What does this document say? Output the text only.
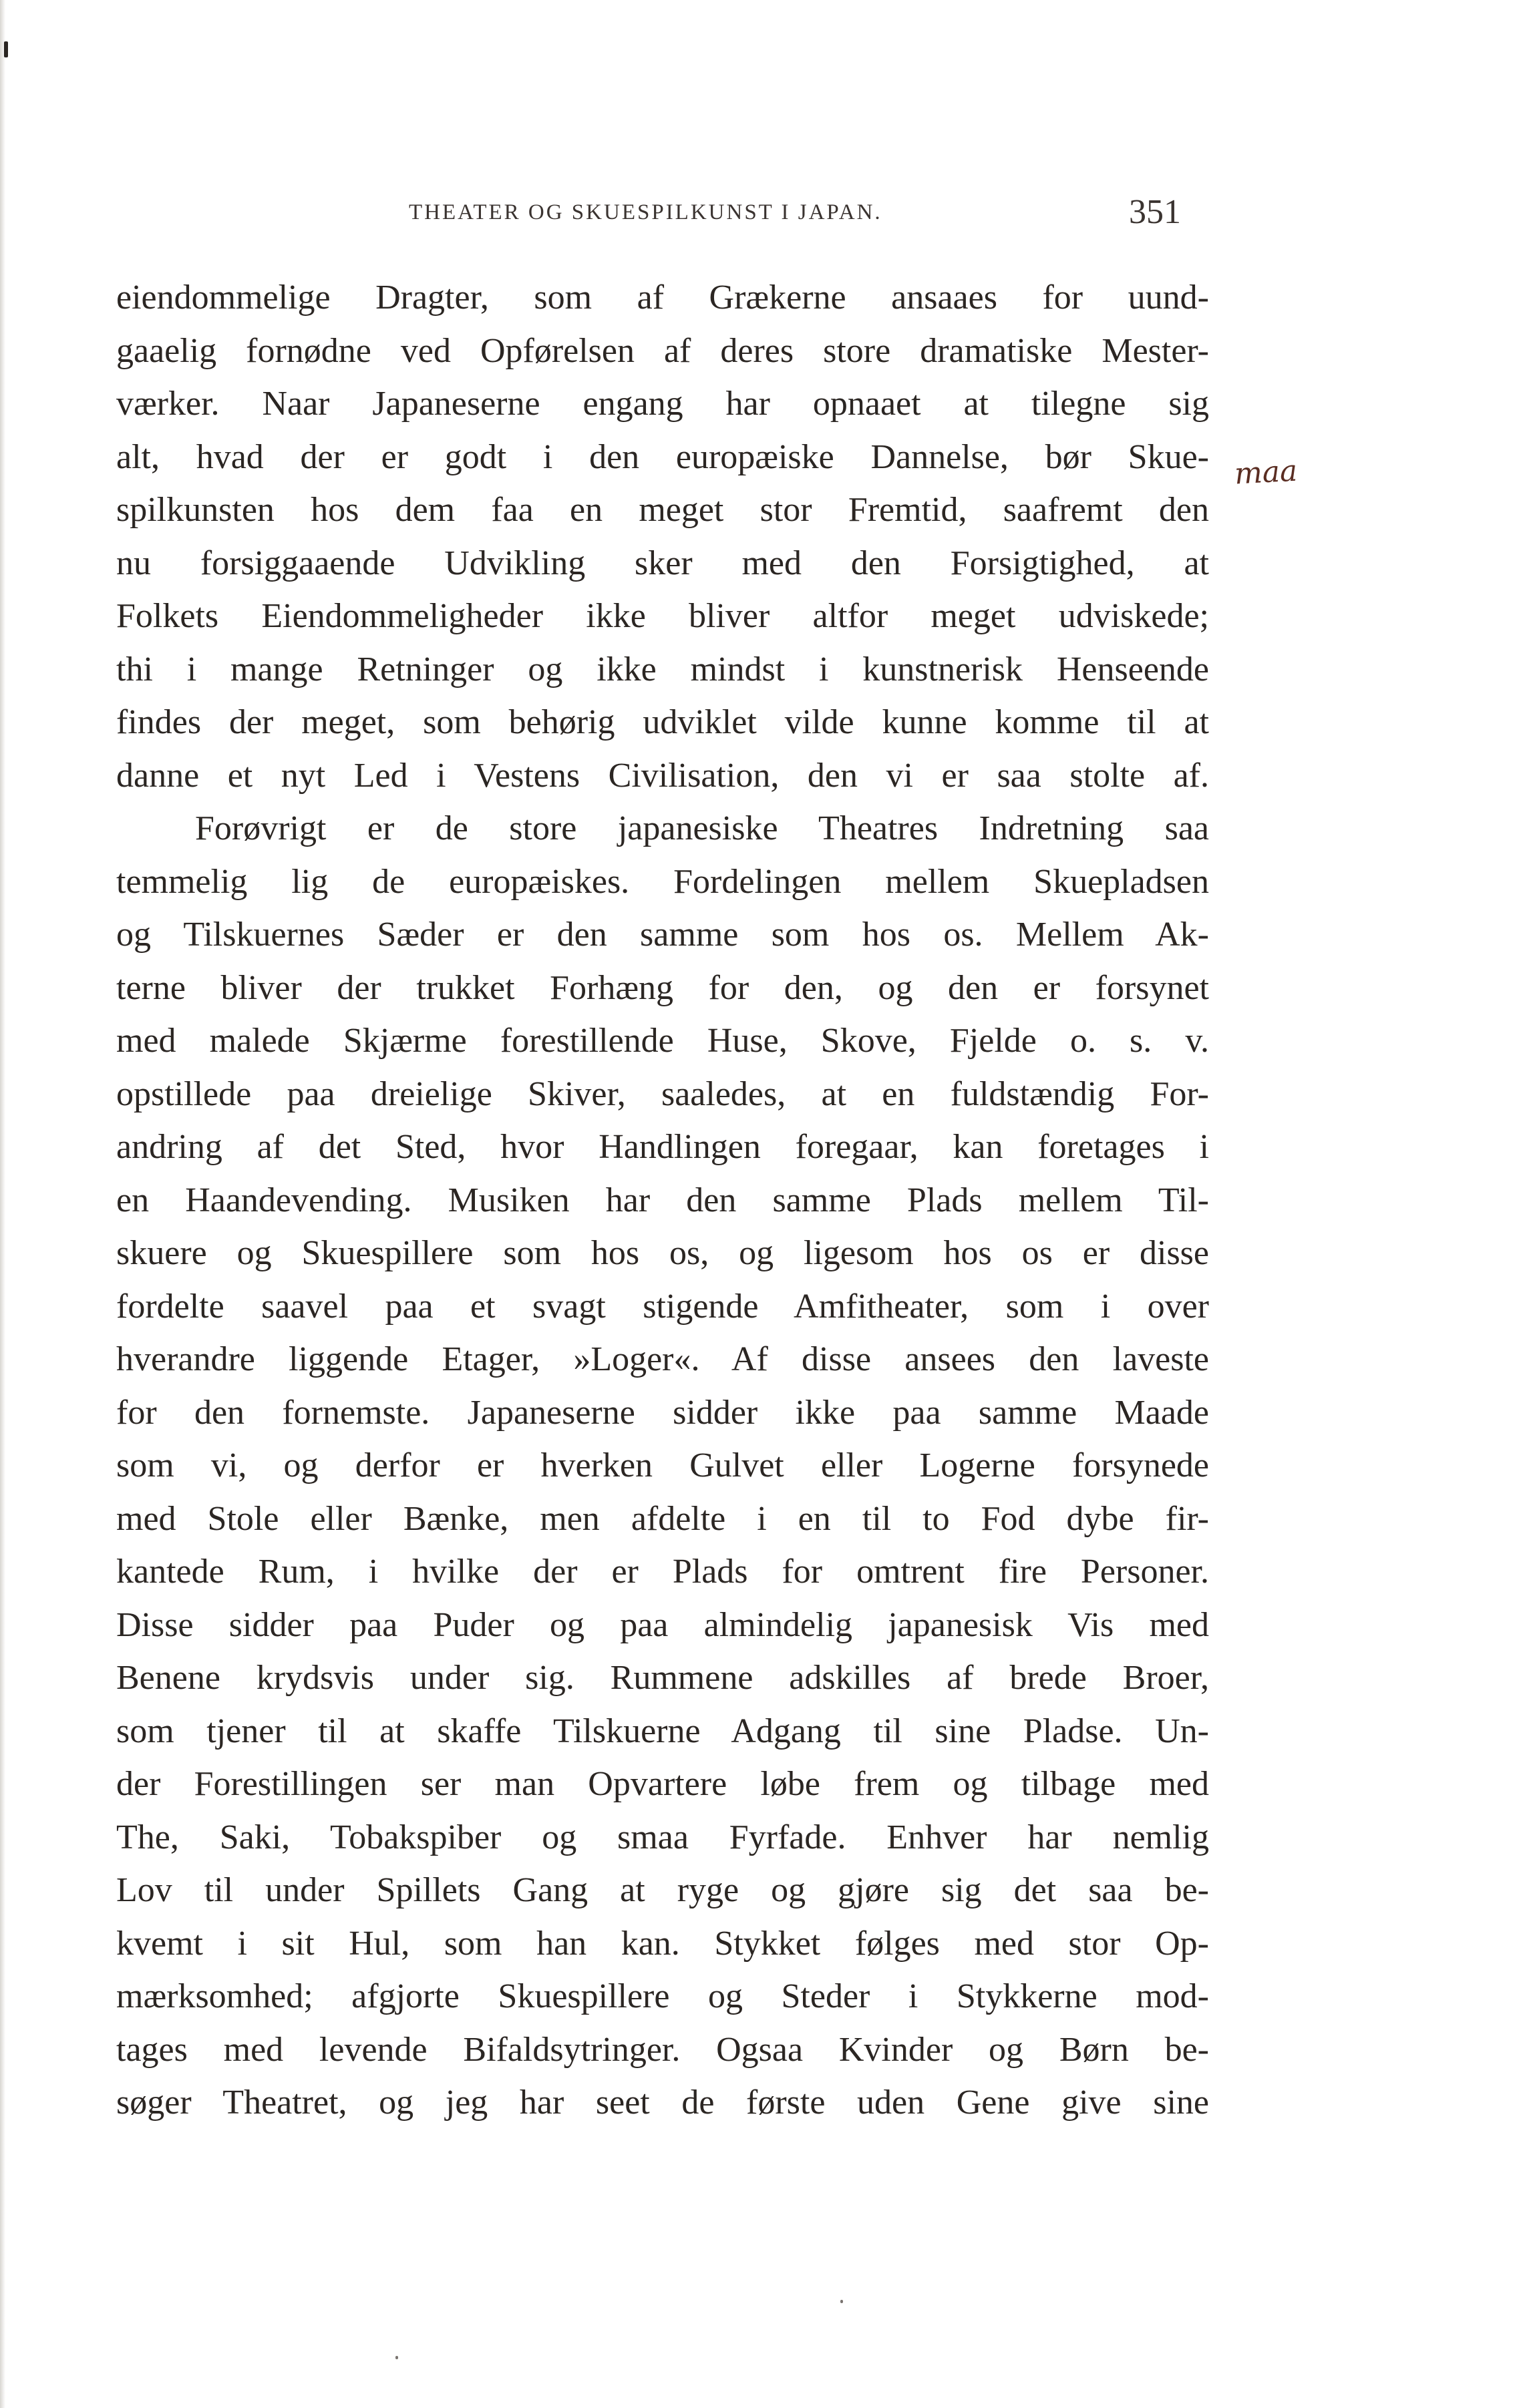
THEATER OG SKUESPILKUNST I JAPAN.	351
maa
eiendommelige Dragter, som af Grækerne ansaaes for uund-
gaaelig fornødne ved Opførelsen af deres store dramatiske Mester-
værker. Naar Japaneserne engang har opnaaet at tilegne sig
alt, hvad der er godt i den europæiske Dannelse, bør Skue-
spilkunsten hos dem faa en meget stor Fremtid, saafremt den
nu forsiggaaende Udvikling sker med den Forsigtighed, at
Folkets Eiendommeligheder ikke bliver altfor meget udviskede;
thi i mange Retninger og ikke mindst i kunstnerisk Henseende
findes der meget, som behørig udviklet vilde kunne komme til at
danne et nyt Led i Vestens Civilisation, den vi er saa stolte af.
Forøvrigt er de store japanesiske Theatres Indretning saa
temmelig lig de europæiskes. Fordelingen mellem Skuepladsen
og Tilskuernes Sæder er den samme som hos os. Mellem Ak-
terne bliver der trukket Forhæng for den, og den er forsynet
med malede Skjærme forestillende Huse, Skove, Fjelde o. s. v.
opstillede paa dreielige Skiver, saaledes, at en fuldstændig For-
andring af det Sted, hvor Handlingen foregaar, kan foretages i
en Haandevending. Musiken har den samme Plads mellem Til-
skuere og Skuespillere som hos os, og ligesom hos os er disse
fordelte saavel paa et svagt stigende Amfitheater, som i over
hverandre liggende Etager, »Loger«. Af disse ansees den laveste
for den fornemste. Japaneserne sidder ikke paa samme Maade
som vi, og derfor er hverken Gulvet eller Logerne forsynede
med Stole eller Bænke, men afdelte i en til to Fod dybe fir-
kantede Rum, i hvilke der er Plads for omtrent fire Personer.
Disse sidder paa Puder og paa almindelig japanesisk Vis med
Benene krydsvis under sig. Rummene adskilles af brede Broer,
som tjener til at skaffe Tilskuerne Adgang til sine Pladse. Un-
der Forestillingen ser man Opvartere løbe frem og tilbage med
The, Saki, Tobakspiber og smaa Fyrfade. Enhver har nemlig
Lov til under Spillets Gang at ryge og gjøre sig det saa be-
kvemt i sit Hul, som han kan. Stykket følges med stor Op-
mærksomhed; afgjorte Skuespillere og Steder i Stykkerne mod-
tages med levende Bifaldsytringer. Ogsaa Kvinder og Børn be-
søger Theatret, og jeg har seet de første uden Gene give sine
